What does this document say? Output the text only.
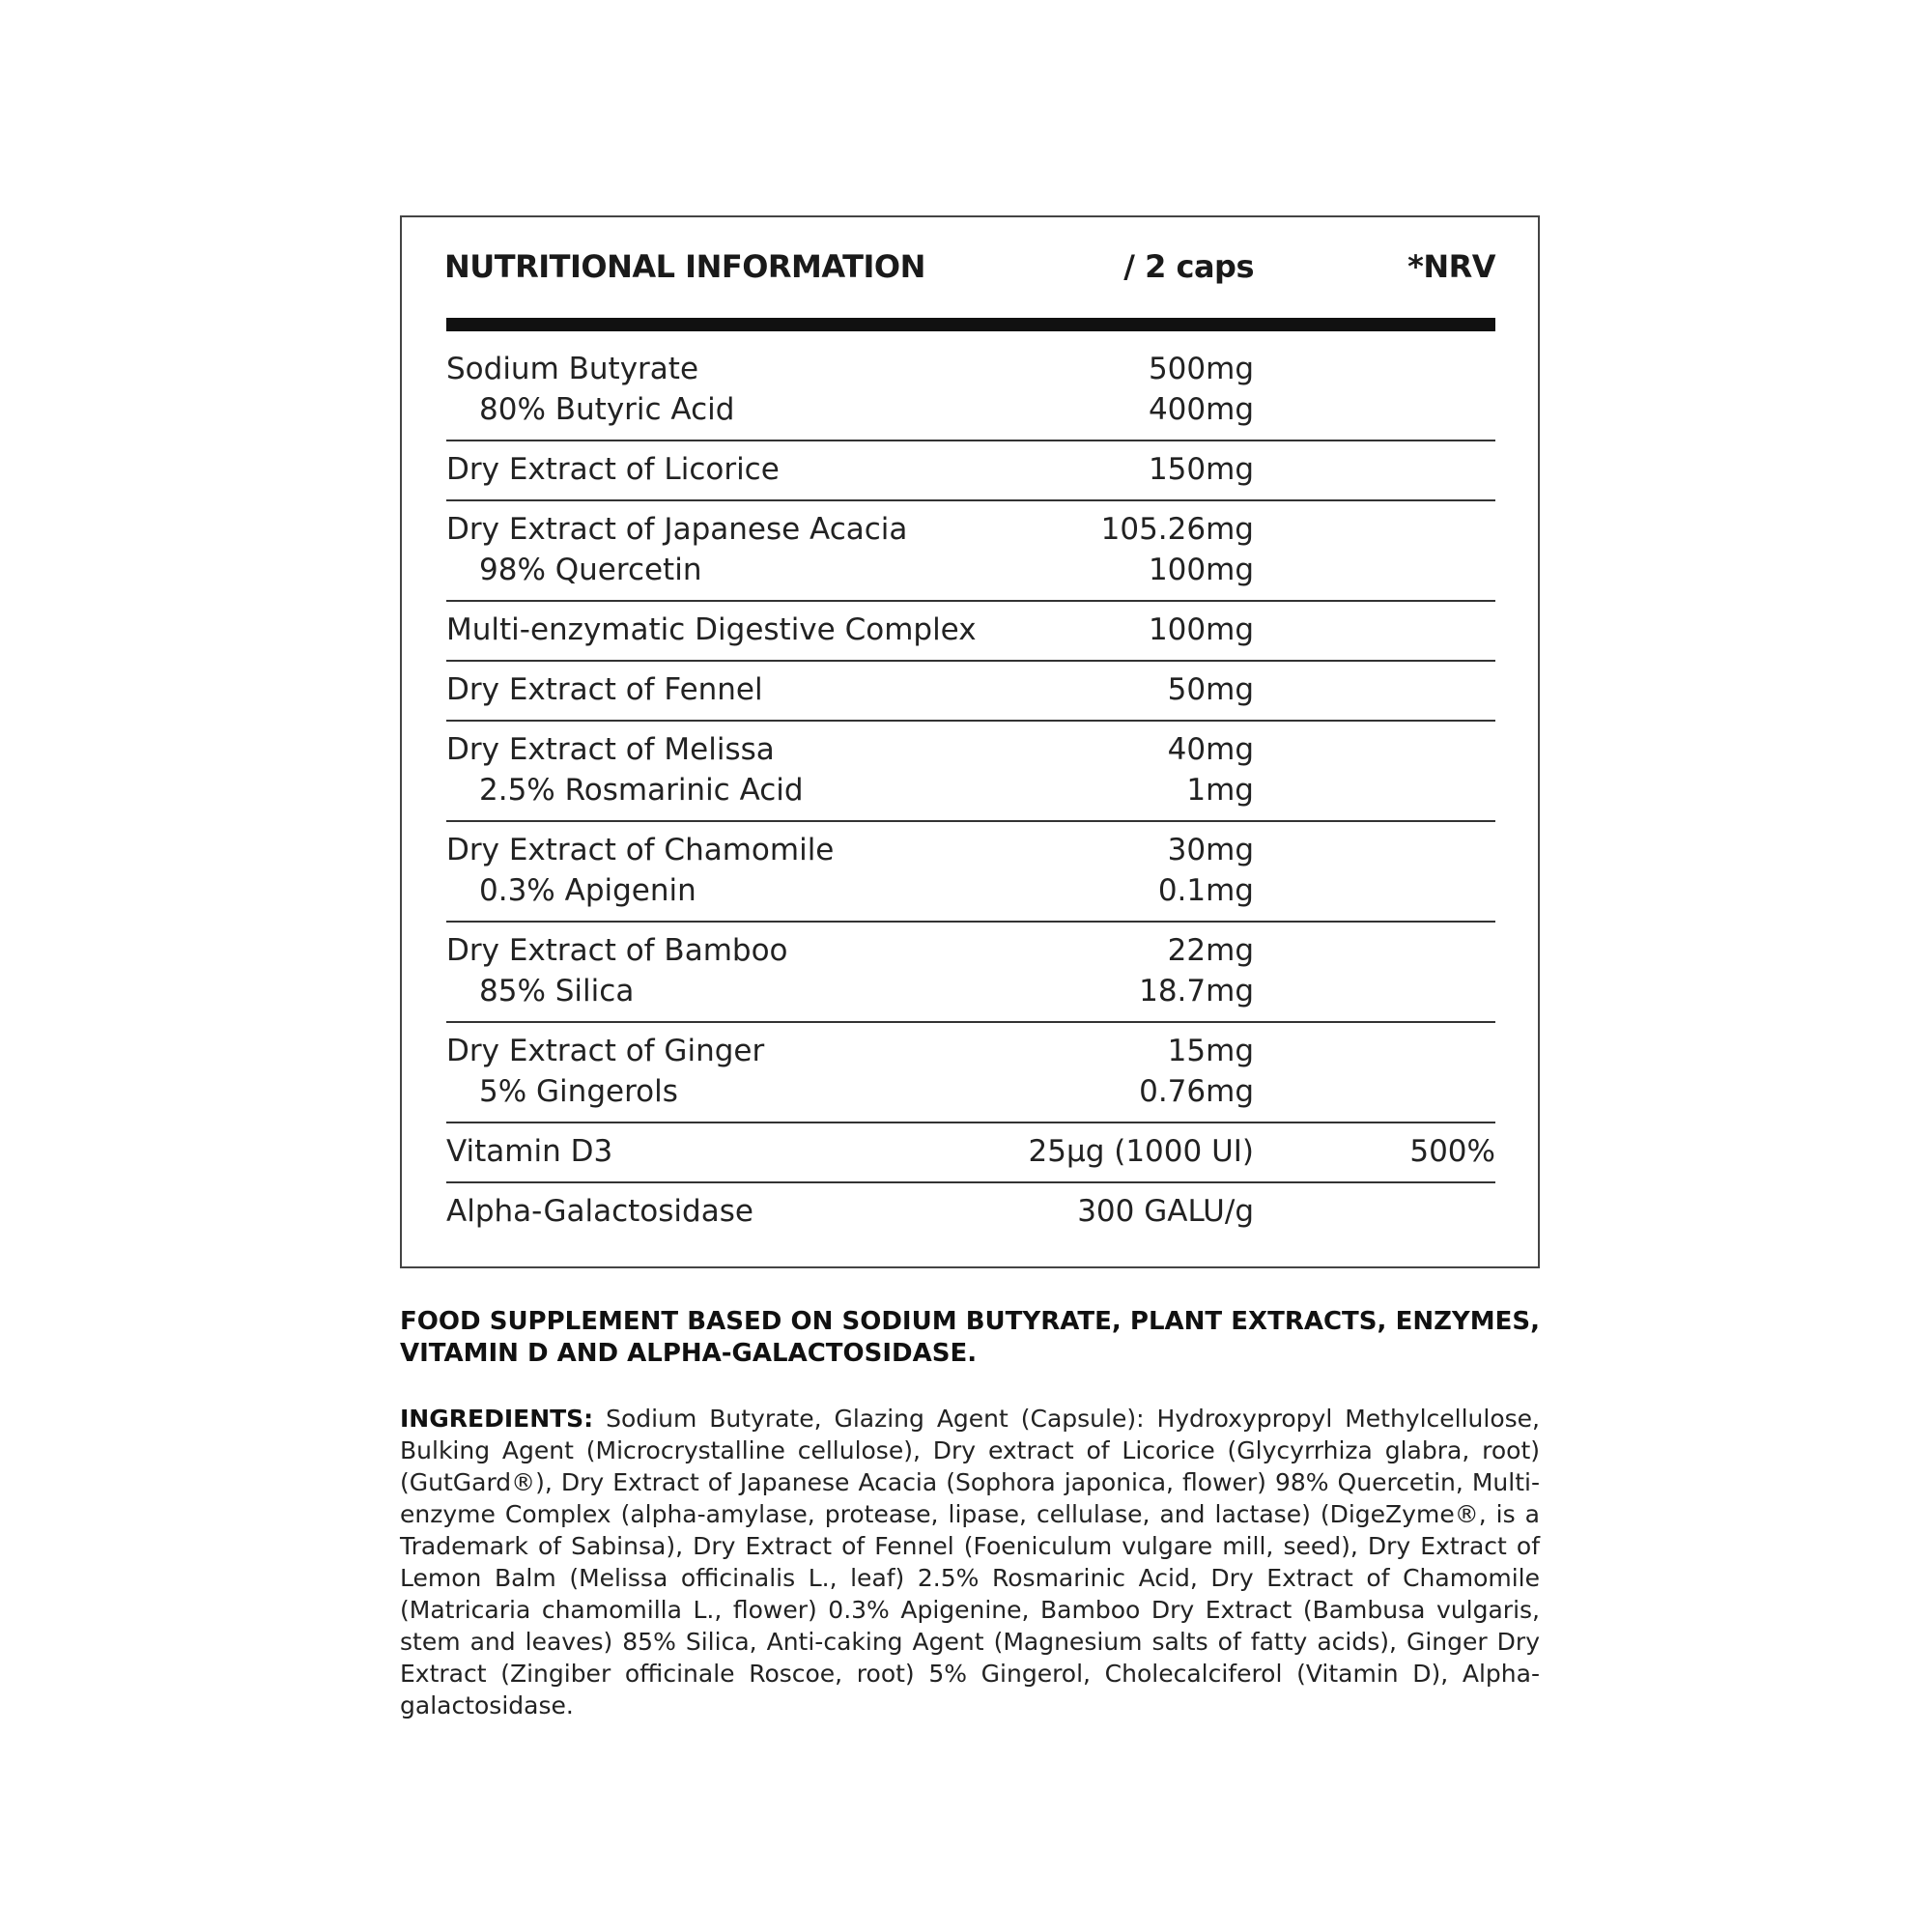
NUTRITIONAL INFORMATION	/ 2 caps	*NRV
Sodium Butyrate	500mg
80% Butyric Acid	400mg
Dry Extract of Licorice	150mg
Dry Extract of Japanese Acacia	105.26mg
98% Quercetin	100mg
Multi-enzymatic Digestive Complex	100mg
Dry Extract of Fennel	50mg
Dry Extract of Melissa	40mg
2.5% Rosmarinic Acid	1mg
Dry Extract of Chamomile	30mg
0.3% Apigenin	0.1mg
Dry Extract of Bamboo	22mg
85% Silica	18.7mg
Dry Extract of Ginger	15mg
5% Gingerols	0.76mg
Vitamin D3	25µg (1000 UI)	500%
Alpha-Galactosidase	300 GALU/g
FOOD SUPPLEMENT BASED ON SODIUM BUTYRATE, PLANT EXTRACTS, ENZYMES, VITAMIN D AND ALPHA-GALACTOSIDASE.
INGREDIENTS: Sodium Butyrate, Glazing Agent (Capsule): Hydroxypropyl Methylcellulose, Bulking Agent (Microcrystalline cellulose), Dry extract of Licorice (Glycyrrhiza glabra, root) (GutGard®), Dry Extract of Japanese Acacia (Sophora japonica, flower) 98% Quercetin, Multi-enzyme Complex (alpha-amylase, protease, lipase, cellulase, and lactase) (DigeZyme®, is a Trademark of Sabinsa), Dry Extract of Fennel (Foeniculum vulgare mill, seed), Dry Extract of Lemon Balm (Melissa officinalis L., leaf) 2.5% Rosmarinic Acid, Dry Extract of Chamomile (Matricaria chamomilla L., flower) 0.3% Apigenine, Bamboo Dry Extract (Bambusa vulgaris, stem and leaves) 85% Silica, Anti-caking Agent (Magnesium salts of fatty acids), Ginger Dry Extract (Zingiber officinale Roscoe, root) 5% Gingerol, Cholecalciferol (Vitamin D), Alpha-galactosidase.
